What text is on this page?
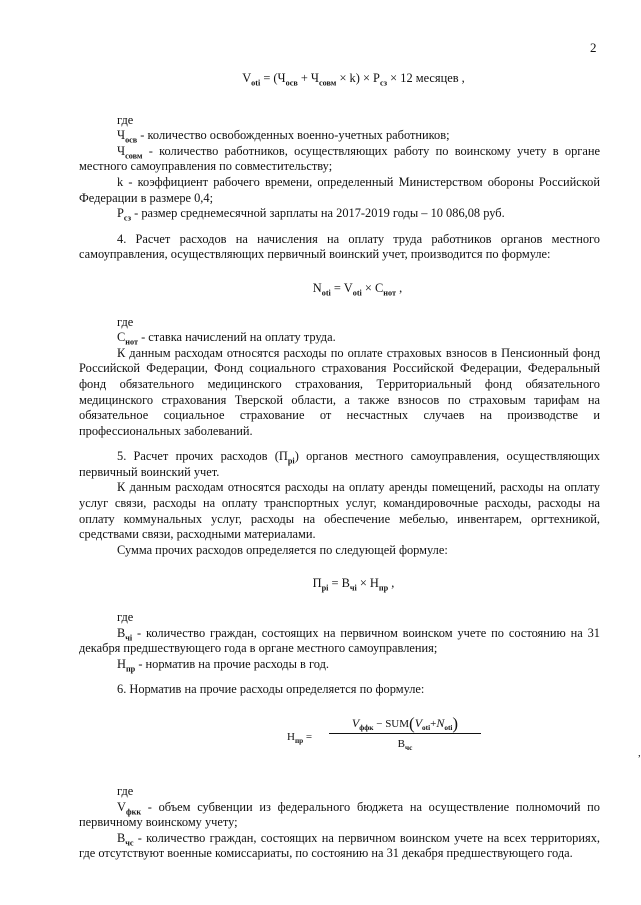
2
$V_{oti} = (Ч_{осв} + Ч_{совм} \times k) \times P_{сз} \times 12$ месяцев ,

где

$Ч_{осв}$ - количество освобожденных военно-учетных работников;

$Ч_{совм}$ - количество работников, осуществляющих работу по воинскому учету в органе местного самоуправления по совместительству;

k - коэффициент рабочего времени, определенный Министерством обороны Российской Федерации в размере 0,4;

$Р_{сз}$ - размер среднемесячной зарплаты на 2017-2019 годы – 10 086,08 руб.

4. Расчет расходов на начисления на оплату труда работников органов местного самоуправления, осуществляющих первичный воинский учет, производится по формуле:

$N_{oti} = V_{oti} \times C_{нот}$ ,

где

$С_{нот}$ - ставка начислений на оплату труда.

К данным расходам относятся расходы по оплате страховых взносов в Пенсионный фонд Российской Федерации, Фонд социального страхования Российской Федерации, Федеральный фонд обязательного медицинского страхования, Территориальный фонд обязательного медицинского страхования Тверской области, а также взносов по страховым тарифам на обязательное социальное страхование от несчастных случаев на производстве и профессиональных заболеваний.

5. Расчет прочих расходов $(П_{рi})$ органов местного самоуправления, осуществляющих первичный воинский учет.

К данным расходам относятся расходы на оплату аренды помещений, расходы на оплату услуг связи, расходы на оплату транспортных услуг, командировочные расходы, расходы на оплату коммунальных услуг, расходы на обеспечение мебелью, инвентарем, оргтехникой, средствами связи, расходными материалами.

Сумма прочих расходов определяется по следующей формуле:

$П_{рi} = В_{чi} \times Н_{пр}$ ,

где

$В_{чi}$ - количество граждан, состоящих на первичном воинском учете по состоянию на 31 декабря предшествующего года в органе местного самоуправления;

$Н_{пр}$ - норматив на прочие расходы в год.

6. Норматив на прочие расходы определяется по формуле:

$Н_{пр}$ =
$V_{ффк} - SUM(V_{oti}+N_{oti})$
$В_{чс}$	,

где

$V_{фкк}$ - объем субвенции из федерального бюджета на осуществление полномочий по первичному воинскому учету;

$В_{чс}$ - количество граждан, состоящих на первичном воинском учете на всех территориях, где отсутствуют военные комиссариаты, по состоянию на 31 декабря предшествующего года.
